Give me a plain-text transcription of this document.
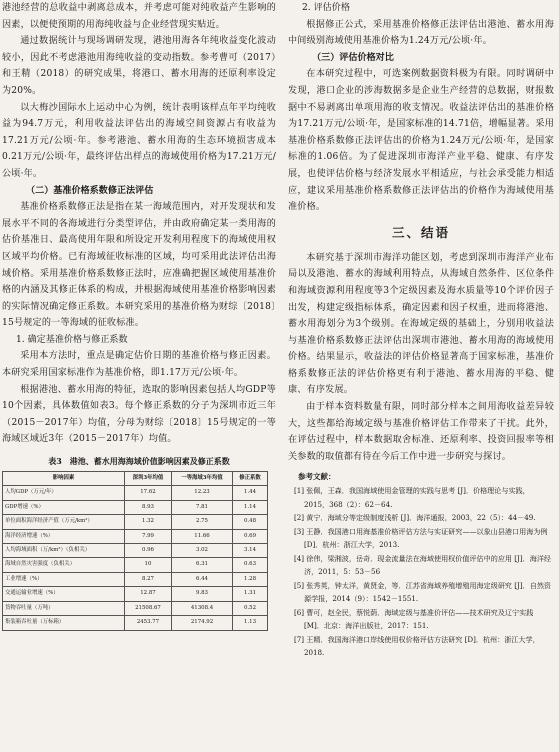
港池经营的总收益中剥离总成本，并考虑可能对纯收益产生影响的因素，以便使预期的用海纯收益与企业经营现实贴近。

通过数据统计与现场调研发现，港池用海各年纯收益变化波动较小，因此不考虑港池用海纯收益的变动指数。参考曹可（2017）和王精（2018）的研究成果，将港口、蓄水用海的还原利率设定为20%。

以大梅沙国际水上运动中心为例，统计表明该样点年平均纯收益为94.7万元，利用收益法评估出的海域空间资源占有收益为17.21万元/公顷·年。参考港池、蓄水用海的生态环境损害成本0.21万元/公顷·年，最终评估出样点的海域使用价格为17.21万元/公顷·年。

（二）基准价格系数修正法评估

基准价格系数修正法是指在某一海域范围内，对开发现状和发展水平不同的各海域进行分类型评估，并由政府确定某一类用海的估价基准日、最高使用年限和所设定开发利用程度下的海域使用权区域平均价格。已有海域征收标准的区域，均可采用此法评估出海域价格。采用基准价格系数修正法时，应准确把握区域使用基准价格的内涵及其修正体系的构成，并根据海域使用基准价格影响因素的实际情况确定修正系数。本研究采用的基准价格为财综〔2018〕15号规定的一等海域的征收标准。

1. 确定基准价格与修正系数

采用本方法时，重点是确定估价日期的基准价格与修正因素。本研究采用国家标准作为基准价格，即1.17万元/公顷·年。

根据港池、蓄水用海的特征，选取的影响因素包括人均GDP等10个因素，具体数值如表3。每个修正系数的分子为深圳市近三年（2015－2017年）均值，分母为财综〔2018〕15号规定的一等海域区域近3年（2015－2017年）均值。

表3　港池、蓄水用海海域价值影响因素及修正系数
影响因素	深圳3年均值	一等海域3年均值	修正系数
人均GDP（万元/年）	17.62	12.23	1.44
GDP增速（%）	8.93	7.81	1.14
单位面积海洋经济产值（万元/km²）	1.32	2.75	0.48
海洋经济增速（%）	7.99	11.66	0.69
人均海域面积（万/km²）（负相关）	0.96	3.02	3.14
海域自然灾害强度（负相关）	10	6.31	0.63
工业增速（%）	8.27	6.44	1.28
交通运输业增速（%）	12.87	9.83	1.31
货物吞吐量（万吨）	21508.67	41308.4	0.52
集装箱吞吐量（万标箱）	2453.77	2174.92	1.13

2. 评估价格

根据修正公式，采用基准价格修正法评估出港池、蓄水用海中间级别海域使用基准价格为1.24万元/公顷·年。

（三）评估价格对比

在本研究过程中，可选案例数据资料极为有限。同时调研中发现，港口企业的涉海数据多是企业生产经营的总数据，财报数据中不易剥离出单项用海的收支情况。收益法评估出的基准价格为17.21万元/公顷·年，是国家标准的14.71倍，增幅显著。采用基准价格系数修正法评估出的价格为1.24万元/公顷·年，是国家标准的1.06倍。为了促进深圳市海洋产业平稳、健康、有序发展，也使评估价格与经济发展水平相适应，与社会承受能力相适应，建议采用基准价格系数修正法评估出的价格作为海域使用基准价格。

三、结语

本研究基于深圳市海洋功能区划，考虑到深圳市海洋产业布局以及港池、蓄水的海域利用特点，从海域自然条件、区位条件和海域资源利用程度等3个定级因素及海水质量等10个评价因子出发，构建定级指标体系，确定因素和因子权重，进而将港池、蓄水用海划分为3个级别。在海域定级的基础上，分别用收益法与基准价格系数修正法评估出深圳市港池、蓄水用海的海域使用价格。结果显示，收益法的评估价格显著高于国家标准，基准价格系数修正法的评估价格更有利于港池、蓄水用海的平稳、健康、有序发展。

由于样本资料数量有限，同时部分样本之间用海收益差异较大，这些都给海域定级与基准价格评估工作带来了干扰。此外，在评估过程中，样本数据取舍标准、还原利率、投资回报率等相关参数的取值都有待在今后工作中进一步研究与探讨。

参考文献：

[1] 张佩，王森．我国海域使用金管理的实践与思考 [J]．价格理论与实践，2015，368（2）：62－64.

[2] 黄宁．海域分等定级制度浅析 [J]．海洋通报，2003，22（5）：44－49.

[3] 王静．我国港口用海基准价格评估方法与实证研究——以象山县港口用海为例 [D]．杭州：浙江大学，2013.

[4] 徐伟，梁湘波，岳奇．现金流量法在海域使用权价值评估中的应用 [J]．海洋经济，2011，5：53－56

[5] 张秀英，钟太洋，黄贤金，等．江苏省海域养殖增殖用海定级研究 [J]．自然资源学报，2014（9）：1542－1551.

[6] 曹可，赵全民，蔡悦荫．海域定级与基准价评估——技术研究及辽宁实践 [M]．北京：海洋出版社，2017：151.

[7] 王精．我国海洋港口岸线使用权价格评估方法研究 [D]．杭州：浙江大学，2018.
